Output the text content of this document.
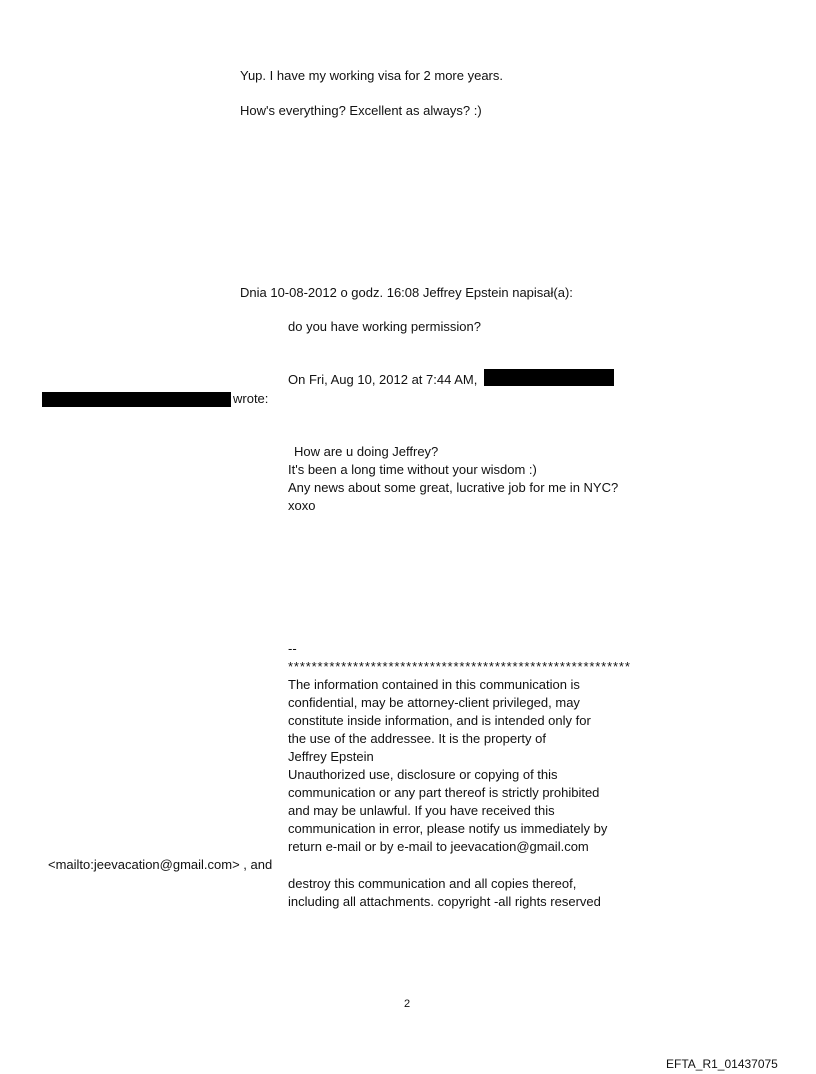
Yup. I have my working visa for 2 more years.
How's everything? Excellent as always? :)
Dnia 10-08-2012 o godz. 16:08 Jeffrey Epstein napisał(a):
do you have working permission?
On Fri, Aug 10, 2012 at 7:44 AM,
wrote:
How are u doing Jeffrey?
It's been a long time without your wisdom :)
Any news about some great, lucrative job for me in NYC?
xoxo
--
**********************************************************
The information contained in this communication is
confidential, may be attorney-client privileged, may
constitute inside information, and is intended only for
the use of the addressee. It is the property of
Jeffrey Epstein
Unauthorized use, disclosure or copying of this
communication or any part thereof is strictly prohibited
and may be unlawful. If you have received this
communication in error, please notify us immediately by
return e-mail or by e-mail to jeevacation@gmail.com
<mailto:jeevacation@gmail.com> , and
destroy this communication and all copies thereof,
including all attachments. copyright -all rights reserved
2
EFTA_R1_01437075
